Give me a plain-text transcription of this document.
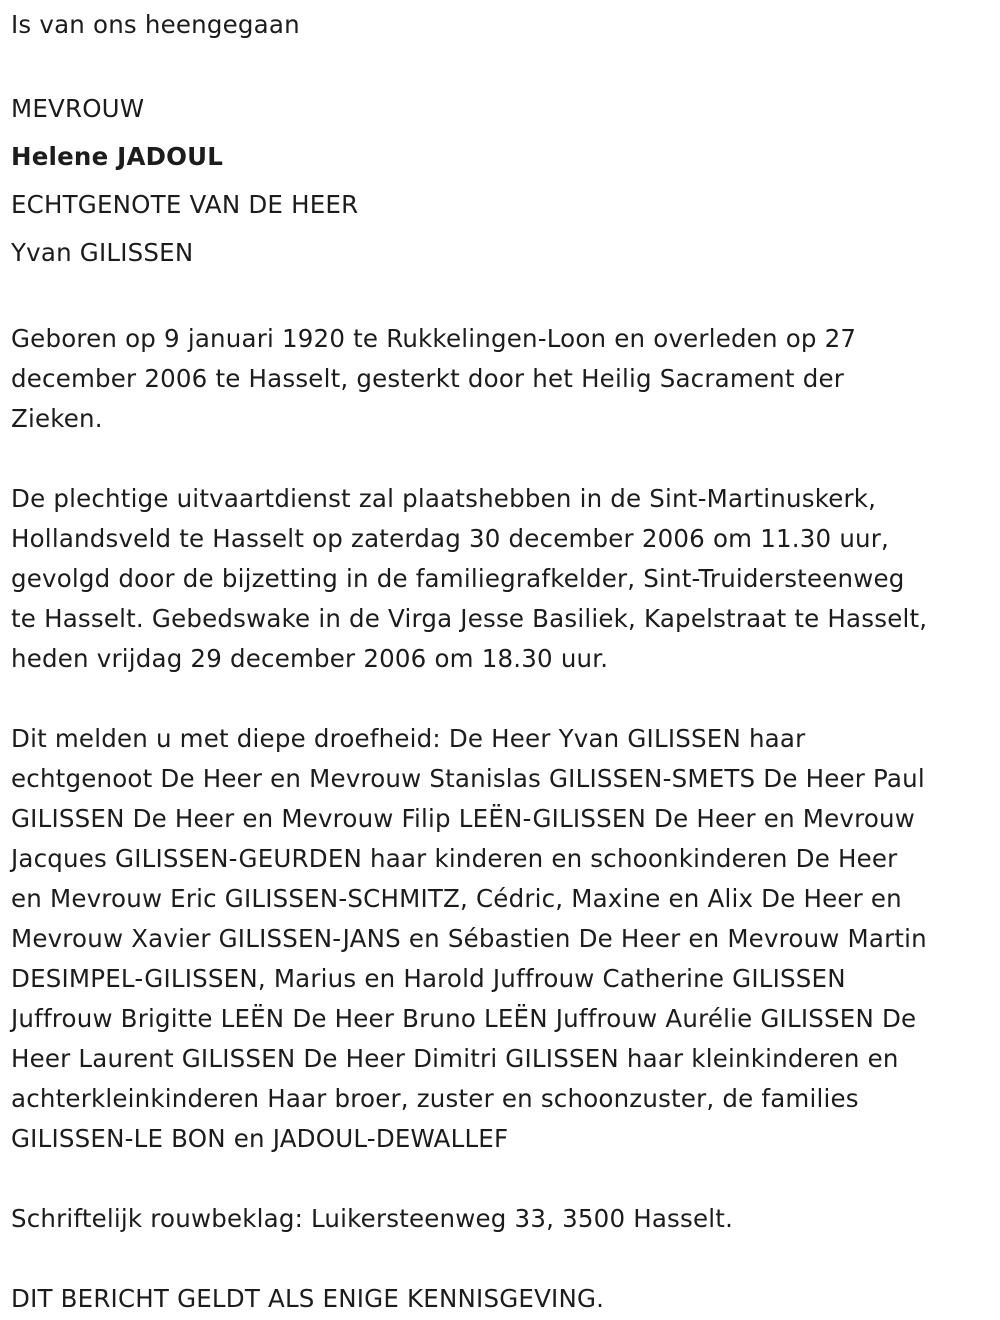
Is van ons heengegaan
MEVROUW
Helene JADOUL
ECHTGENOTE VAN DE HEER
Yvan GILISSEN
Geboren op 9 januari 1920 te Rukkelingen-Loon en overleden op 27
december 2006 te Hasselt, gesterkt door het Heilig Sacrament der
Zieken.
De plechtige uitvaartdienst zal plaatshebben in de Sint-Martinuskerk,
Hollandsveld te Hasselt op zaterdag 30 december 2006 om 11.30 uur,
gevolgd door de bijzetting in de familiegrafkelder, Sint-Truidersteenweg
te Hasselt. Gebedswake in de Virga Jesse Basiliek, Kapelstraat te Hasselt,
heden vrijdag 29 december 2006 om 18.30 uur.
Dit melden u met diepe droefheid: De Heer Yvan GILISSEN haar
echtgenoot De Heer en Mevrouw Stanislas GILISSEN-SMETS De Heer Paul
GILISSEN De Heer en Mevrouw Filip LEËN-GILISSEN De Heer en Mevrouw
Jacques GILISSEN-GEURDEN haar kinderen en schoonkinderen De Heer
en Mevrouw Eric GILISSEN-SCHMITZ, Cédric, Maxine en Alix De Heer en
Mevrouw Xavier GILISSEN-JANS en Sébastien De Heer en Mevrouw Martin
DESIMPEL-GILISSEN, Marius en Harold Juffrouw Catherine GILISSEN
Juffrouw Brigitte LEËN De Heer Bruno LEËN Juffrouw Aurélie GILISSEN De
Heer Laurent GILISSEN De Heer Dimitri GILISSEN haar kleinkinderen en
achterkleinkinderen Haar broer, zuster en schoonzuster, de families
GILISSEN-LE BON en JADOUL-DEWALLEF
Schriftelijk rouwbeklag: Luikersteenweg 33, 3500 Hasselt.
DIT BERICHT GELDT ALS ENIGE KENNISGEVING.
